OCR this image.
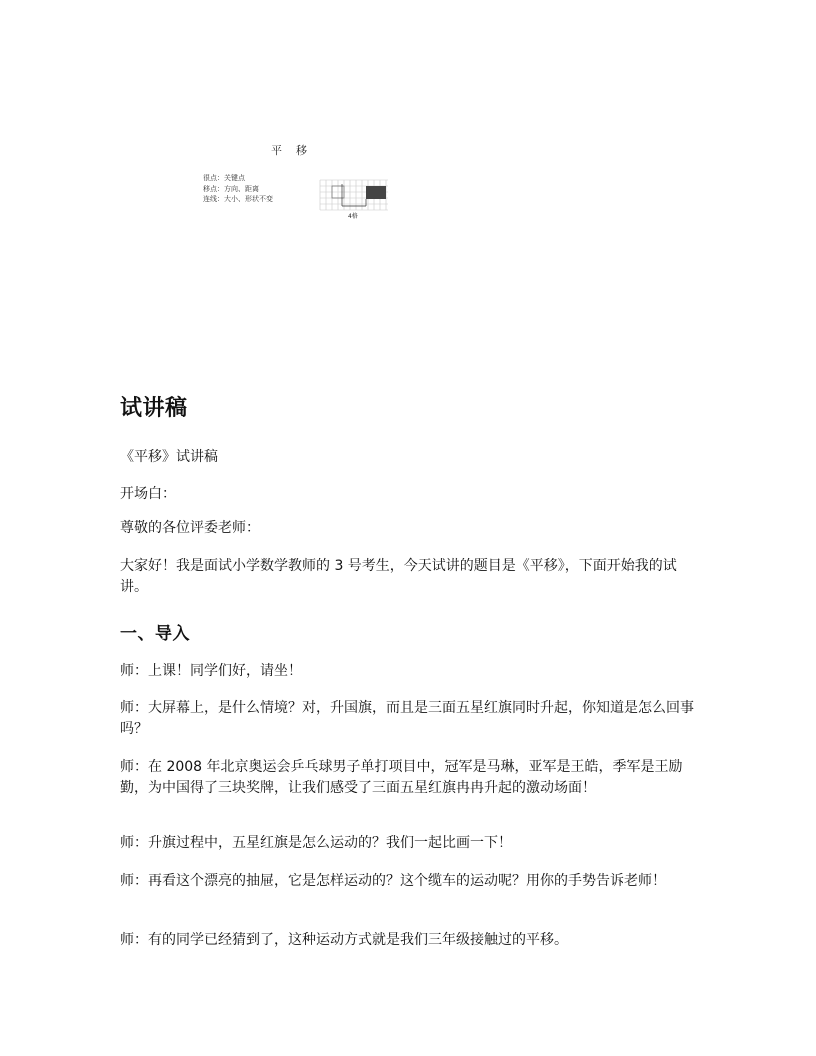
平    移
很点：关键点
移点：方向、距离
连线：大小、形状不变
4格
试讲稿

《平移》试讲稿

开场白：

尊敬的各位评委老师：

大家好！我是面试小学数学教师的 3 号考生，今天试讲的题目是《平移》，下面开始我的试讲。

一、导入

师：上课！同学们好，请坐！

师：大屏幕上，是什么情境？对，升国旗，而且是三面五星红旗同时升起，你知道是怎么回事吗？

师：在 2008 年北京奥运会乒乓球男子单打项目中，冠军是马琳，亚军是王皓，季军是王励勤，为中国得了三块奖牌，让我们感受了三面五星红旗冉冉升起的激动场面！

师：升旗过程中，五星红旗是怎么运动的？我们一起比画一下！

师：再看这个漂亮的抽屉，它是怎样运动的？这个缆车的运动呢？用你的手势告诉老师！

师：有的同学已经猜到了，这种运动方式就是我们三年级接触过的平移。
